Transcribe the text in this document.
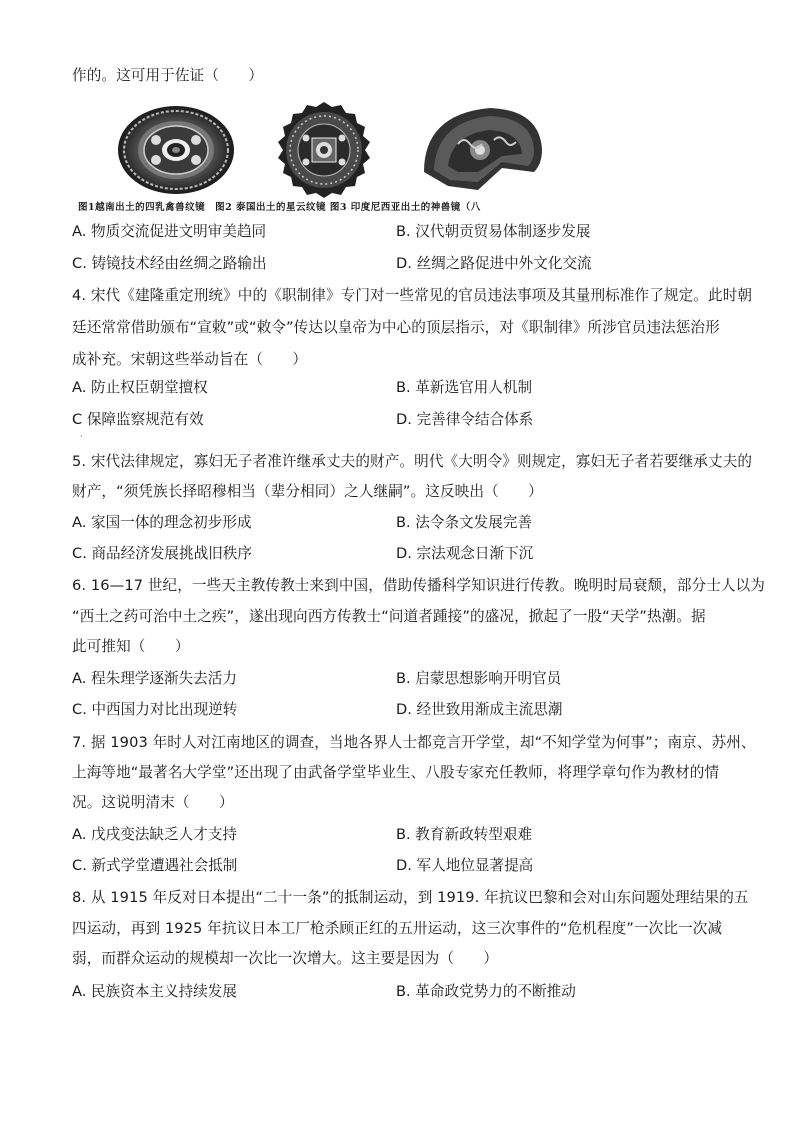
作的。这可用于佐证（　　）
图1越南出土的四乳禽兽纹镜　图2 泰国出土的星云纹镜 图3 印度尼西亚出土的神兽镜（八
A. 物质交流促进文明审美趋同	B. 汉代朝贡贸易体制逐步发展
C. 铸镜技术经由丝绸之路输出	D. 丝绸之路促进中外文化交流
4. 宋代《建隆重定刑统》中的《职制律》专门对一些常见的官员违法事项及其量刑标准作了规定。此时朝
廷还常常借助颁布“宣敕”或“敕令”传达以皇帝为中心的顶层指示，对《职制律》所涉官员违法惩治形
成补充。宋朝这些举动旨在（　　）
A. 防止权臣朝堂擅权	B. 革新选官用人机制
C 保障监察规范有效	D. 完善律令结合体系
·
5. 宋代法律规定，寡妇无子者准许继承丈夫的财产。明代《大明令》则规定，寡妇无子者若要继承丈夫的
财产，“须凭族长择昭穆相当（辈分相同）之人继嗣”。这反映出（　　）
A. 家国一体的理念初步形成	B. 法令条文发展完善
C. 商品经济发展挑战旧秩序	D. 宗法观念日渐下沉
6. 16—17 世纪，一些天主教传教士来到中国，借助传播科学知识进行传教。晚明时局衰颓，部分士人以为
“西土之药可治中土之疾”，遂出现向西方传教士“问道者踵接”的盛况，掀起了一股“天学”热潮。据
此可推知（　　）
A. 程朱理学逐渐失去活力	B. 启蒙思想影响开明官员
C. 中西国力对比出现逆转	D. 经世致用渐成主流思潮
7. 据 1903 年时人对江南地区的调查，当地各界人士都竞言开学堂，却“不知学堂为何事”；南京、苏州、
上海等地“最著名大学堂”还出现了由武备学堂毕业生、八股专家充任教师，将理学章句作为教材的情
况。这说明清末（　　）
A. 戊戌变法缺乏人才支持	B. 教育新政转型艰难
C. 新式学堂遭遇社会抵制	D. 军人地位显著提高
8. 从 1915 年反对日本提出“二十一条”的抵制运动，到 1919. 年抗议巴黎和会对山东问题处理结果的五
四运动，再到 1925 年抗议日本工厂枪杀顾正红的五卅运动，这三次事件的“危机程度”一次比一次减
弱，而群众运动的规模却一次比一次增大。这主要是因为（　　）
A. 民族资本主义持续发展	B. 革命政党势力的不断推动
